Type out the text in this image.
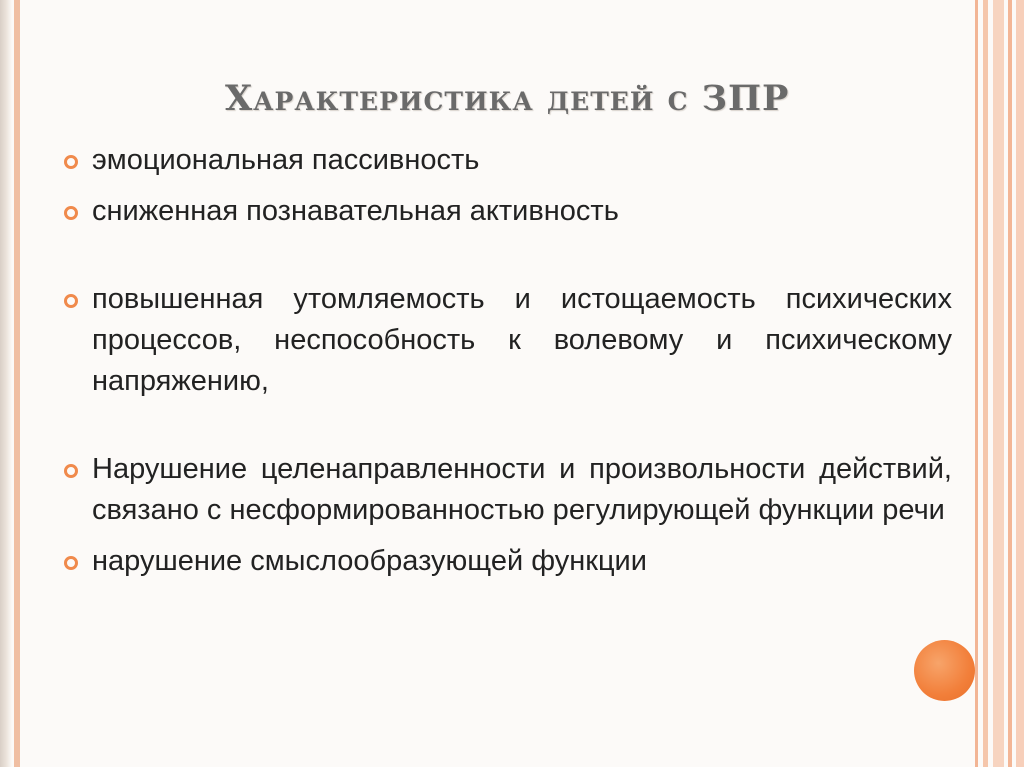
Характеристика детей с ЗПР
эмоциональная пассивность
сниженная познавательная активность
повышенная утомляемость и истощаемость психических процессов, неспособность к волевому и психическому напряжению,
Нарушение целенаправленности и произвольности действий, связано с несформированностью регулирующей функции речи
нарушение смыслообразующей функции
